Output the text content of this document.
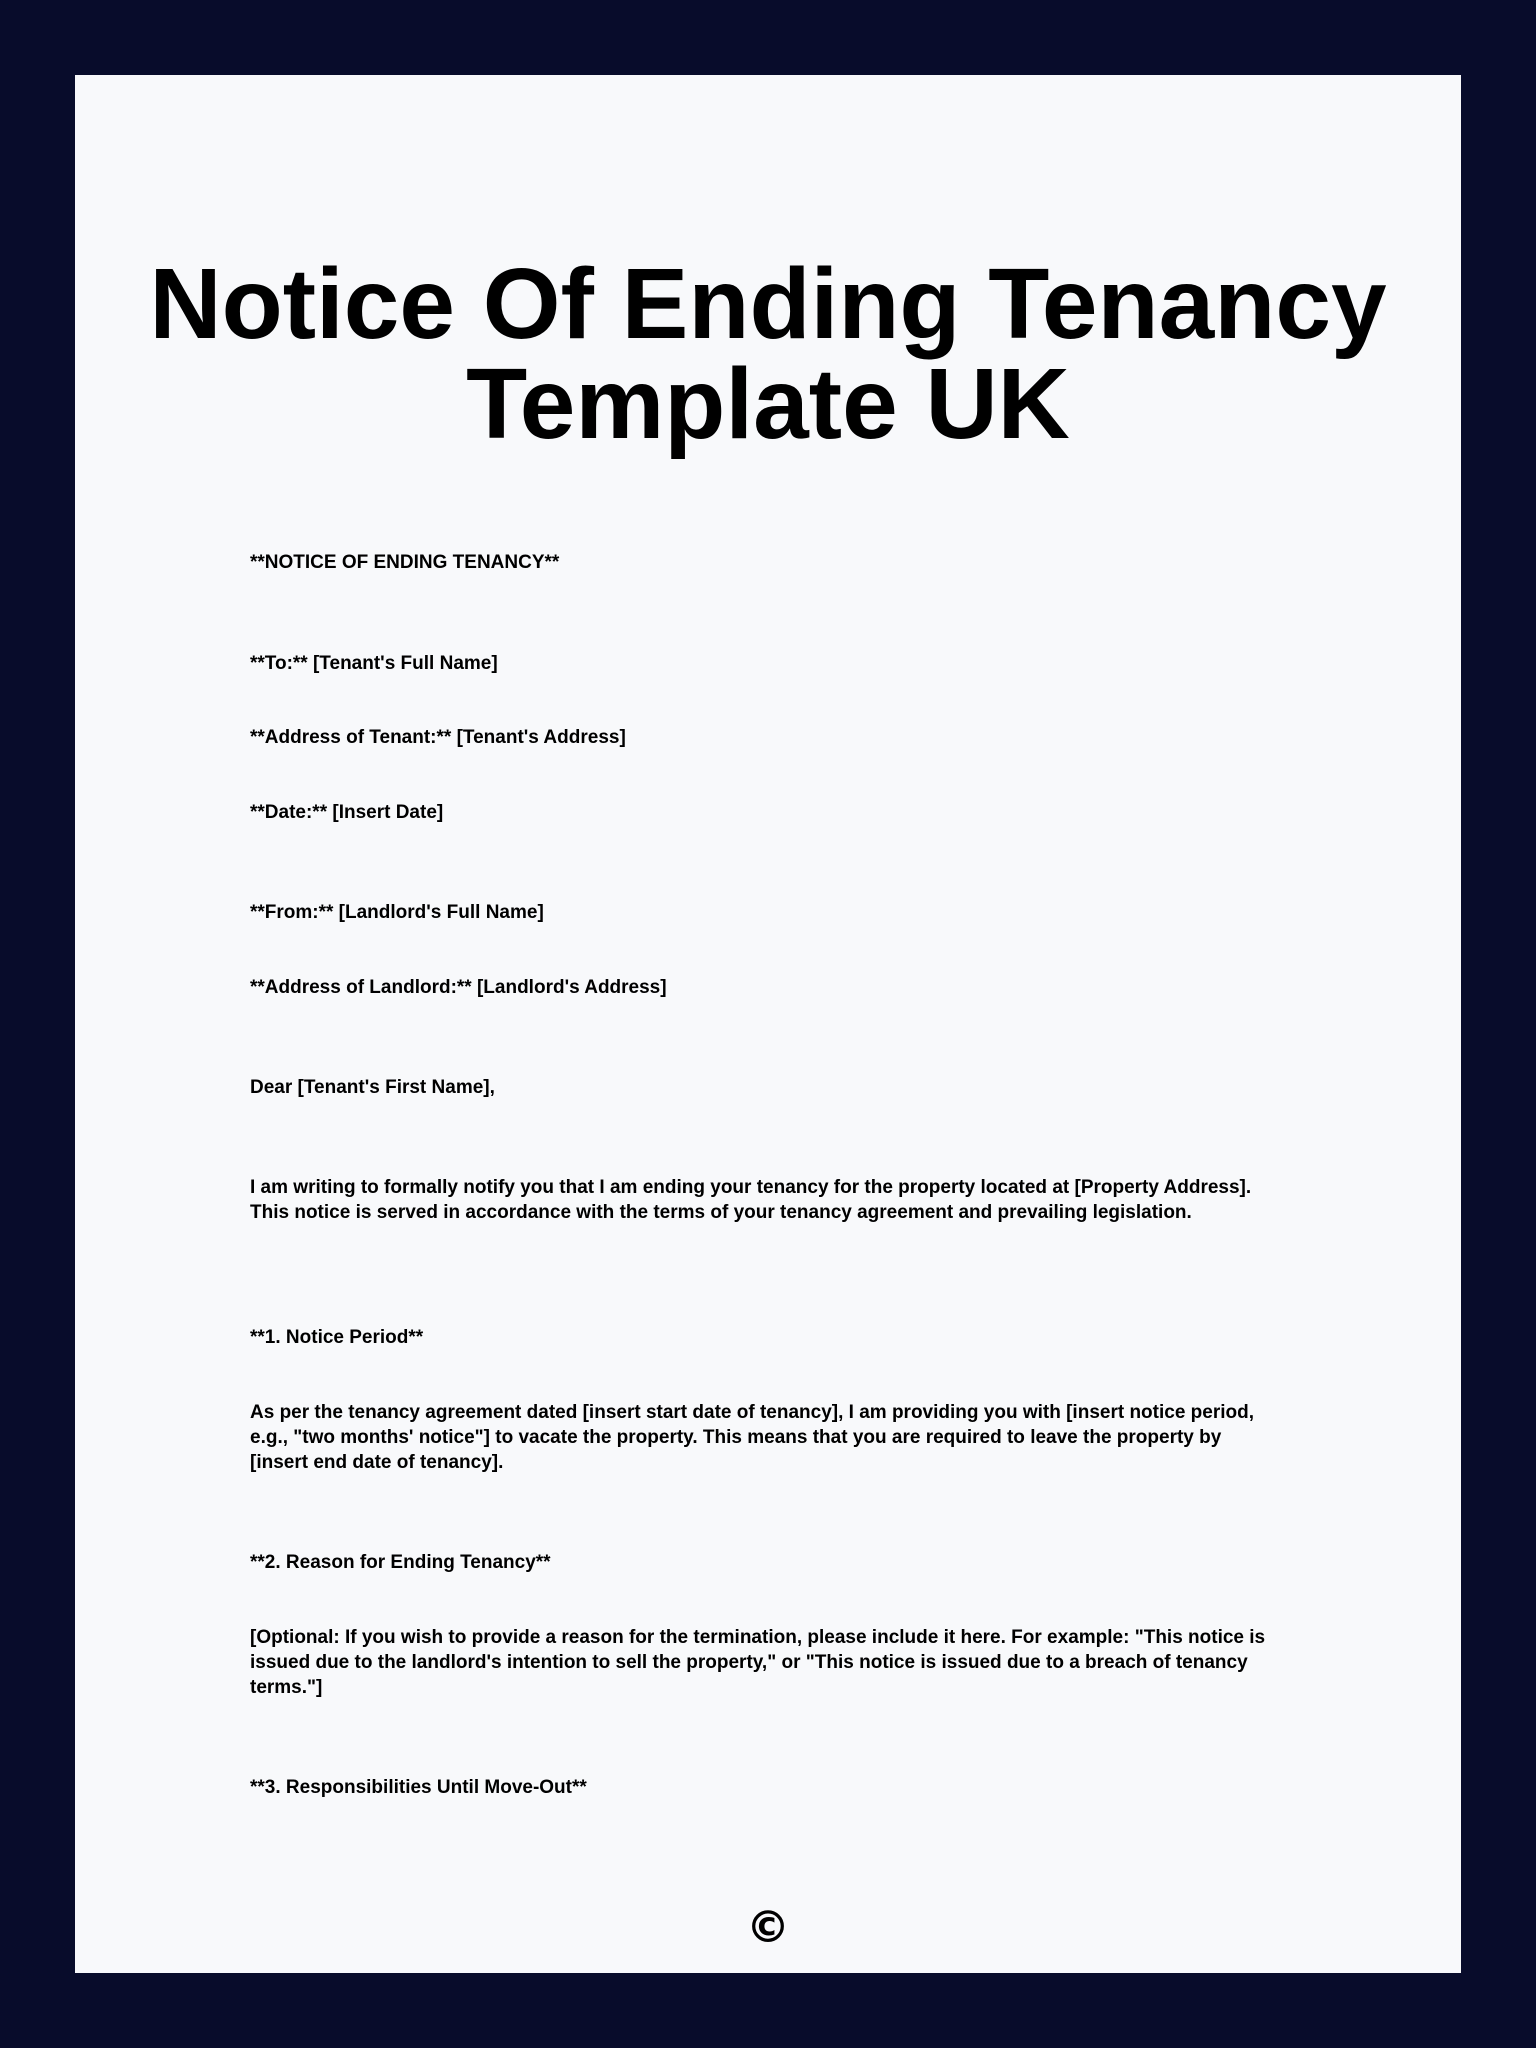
Notice Of Ending Tenancy
Template UK

**NOTICE OF ENDING TENANCY**

**To:** [Tenant's Full Name]

**Address of Tenant:** [Tenant's Address]

**Date:** [Insert Date]

**From:** [Landlord's Full Name]

**Address of Landlord:** [Landlord's Address]

Dear [Tenant's First Name],

I am writing to formally notify you that I am ending your tenancy for the property located at [Property Address]. This notice is served in accordance with the terms of your tenancy agreement and prevailing legislation.

**1. Notice Period**

As per the tenancy agreement dated [insert start date of tenancy], I am providing you with [insert notice period, e.g., "two months' notice"] to vacate the property. This means that you are required to leave the property by [insert end date of tenancy].

**2. Reason for Ending Tenancy**

[Optional: If you wish to provide a reason for the termination, please include it here. For example: "This notice is issued due to the landlord's intention to sell the property," or "This notice is issued due to a breach of tenancy terms."]

**3. Responsibilities Until Move-Out**

©
